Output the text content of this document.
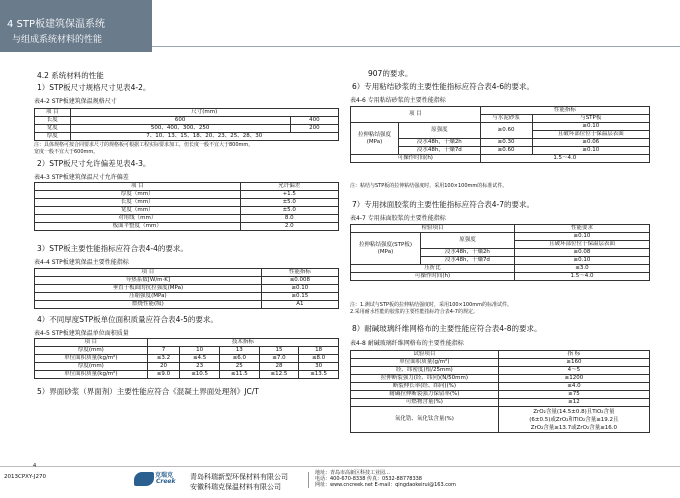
4 STP板建筑保温系统
与组成系统材料的性能
4.2 系统材料的性能
1）STP板尺寸规格尺寸见表4-2。
表4-2 STP板建筑保温规格尺寸
项 目	尺寸(mm)	
长度	600	400
宽度	500、400、300、250	200
厚度	7、10、13、15、18、20、23、25、28、30	
注：具体规格可按合同要求尺寸的规格板可根据工程实际要求加工，但长度一般不宜大于800mm，
宽度一般不宜大于600mm。
2）STP板尺寸允许偏差见表4-3。
表4-3 STP板建筑保温尺寸允许偏差
项 目	允许偏差
厚度（mm）	+1.5
长度（mm）	±5.0
宽度（mm）	±5.0
对角线（mm）	8.0
板面平整度（mm）	2.0
3）STP板主要性能指标应符合表4-4的要求。
表4-4 STP板建筑保温主要性能指标
项 目	性能指标
导热系数[W/m·K]	≤0.008
垂直于板面的抗拉强度(MPa)	≥0.10
压缩强度(MPa)	≥0.15
燃烧性能(级)	A1
4）不同厚度STP板单位面积质量应符合表4-5的要求。
表4-5 STP板建筑保温单位面积质量
项 目	技术指标				
厚度(mm)	7	10	13	15	18
单位面积质量(kg/m²)	≤3.2	≤4.5	≤6.0	≤7.0	≤8.0
厚度(mm)	20	23	25	28	30
单位面积质量(kg/m²)	≤9.0	≤10.5	≤11.5	≤12.5	≤13.5
5）界面砂浆（界面剂）主要性能应符合《混凝土界面处理剂》JC/T
907的要求。
6）专用粘结砂浆的主要性能指标应符合表4-6的要求。
表4-6 专用粘结砂浆的主要性能指标
项 目		性能指标	
		与水泥砂浆	与STP板
拉伸粘结强度(MPa)	原强度	≥0.60	≥0.10
			且破坏部位位于保温层表面
	浸水48h，干燥2h	≥0.30	≥0.06
	浸水48h，干燥7d	≥0.60	≥0.10
可操作时间(h)		1.5～4.0	
注：粘结与STP板的拉伸粘结强度时，采用100×100mm的标准试件。
7）专用抹面胶浆的主要性能指标应符合表4-7的要求。
表4-7 专用抹面胶浆的主要性能指标
检验项目		性能要求
拉伸粘结强度(STP板)(MPa)	原强度	≥0.10
		且破坏部位位于保温层表面
	浸水48h，干燥2h	≥0.08
	浸水48h，干燥7d	≥0.10
压折比		≤3.0
可操作时间(h)		1.5～4.0
注：1.测试与STP板的拉伸粘结强度时，采用100×100mm的标准试件。
2.采用耐水性能的胶浆的主要性能指标符合表4-7的规定。
8）耐碱玻璃纤维网格布的主要性能应符合表4-8的要求。
表4-8 耐碱玻璃纤维网格布的主要性能指标
试验项目	指 标
单位面积质量(g/m²)	≥160
经、纬密度(根/25mm)	4～5
拉伸断裂强力(经、纬向)(N/50mm)	≥1200
断裂伸长率(经、纬向)(%)	≤4.0
耐碱拉伸断裂强力保留率(%)	≥75
可燃物含量(%)	≥12
氧化锆、氧化钛含量(%)	ZrO₂含量(14.5±0.8)且TiO₂含量
(6±0.5)或ZrO₂和TiO₂含量≥19.2且
ZrO₂含量≥13.7或ZrO₂含量≥16.0
4
2013CPXY-J270	克瑞克
Creek
青岛科瑞新型环保材料有限公司
安徽科瑞克保温材料有限公司
地址：青岛市高新区科技工业园…
电话：400-670-8338 传真：0532-88778338
网址：www.cncreek.net E-mail：qingdaokeirui@163.com
